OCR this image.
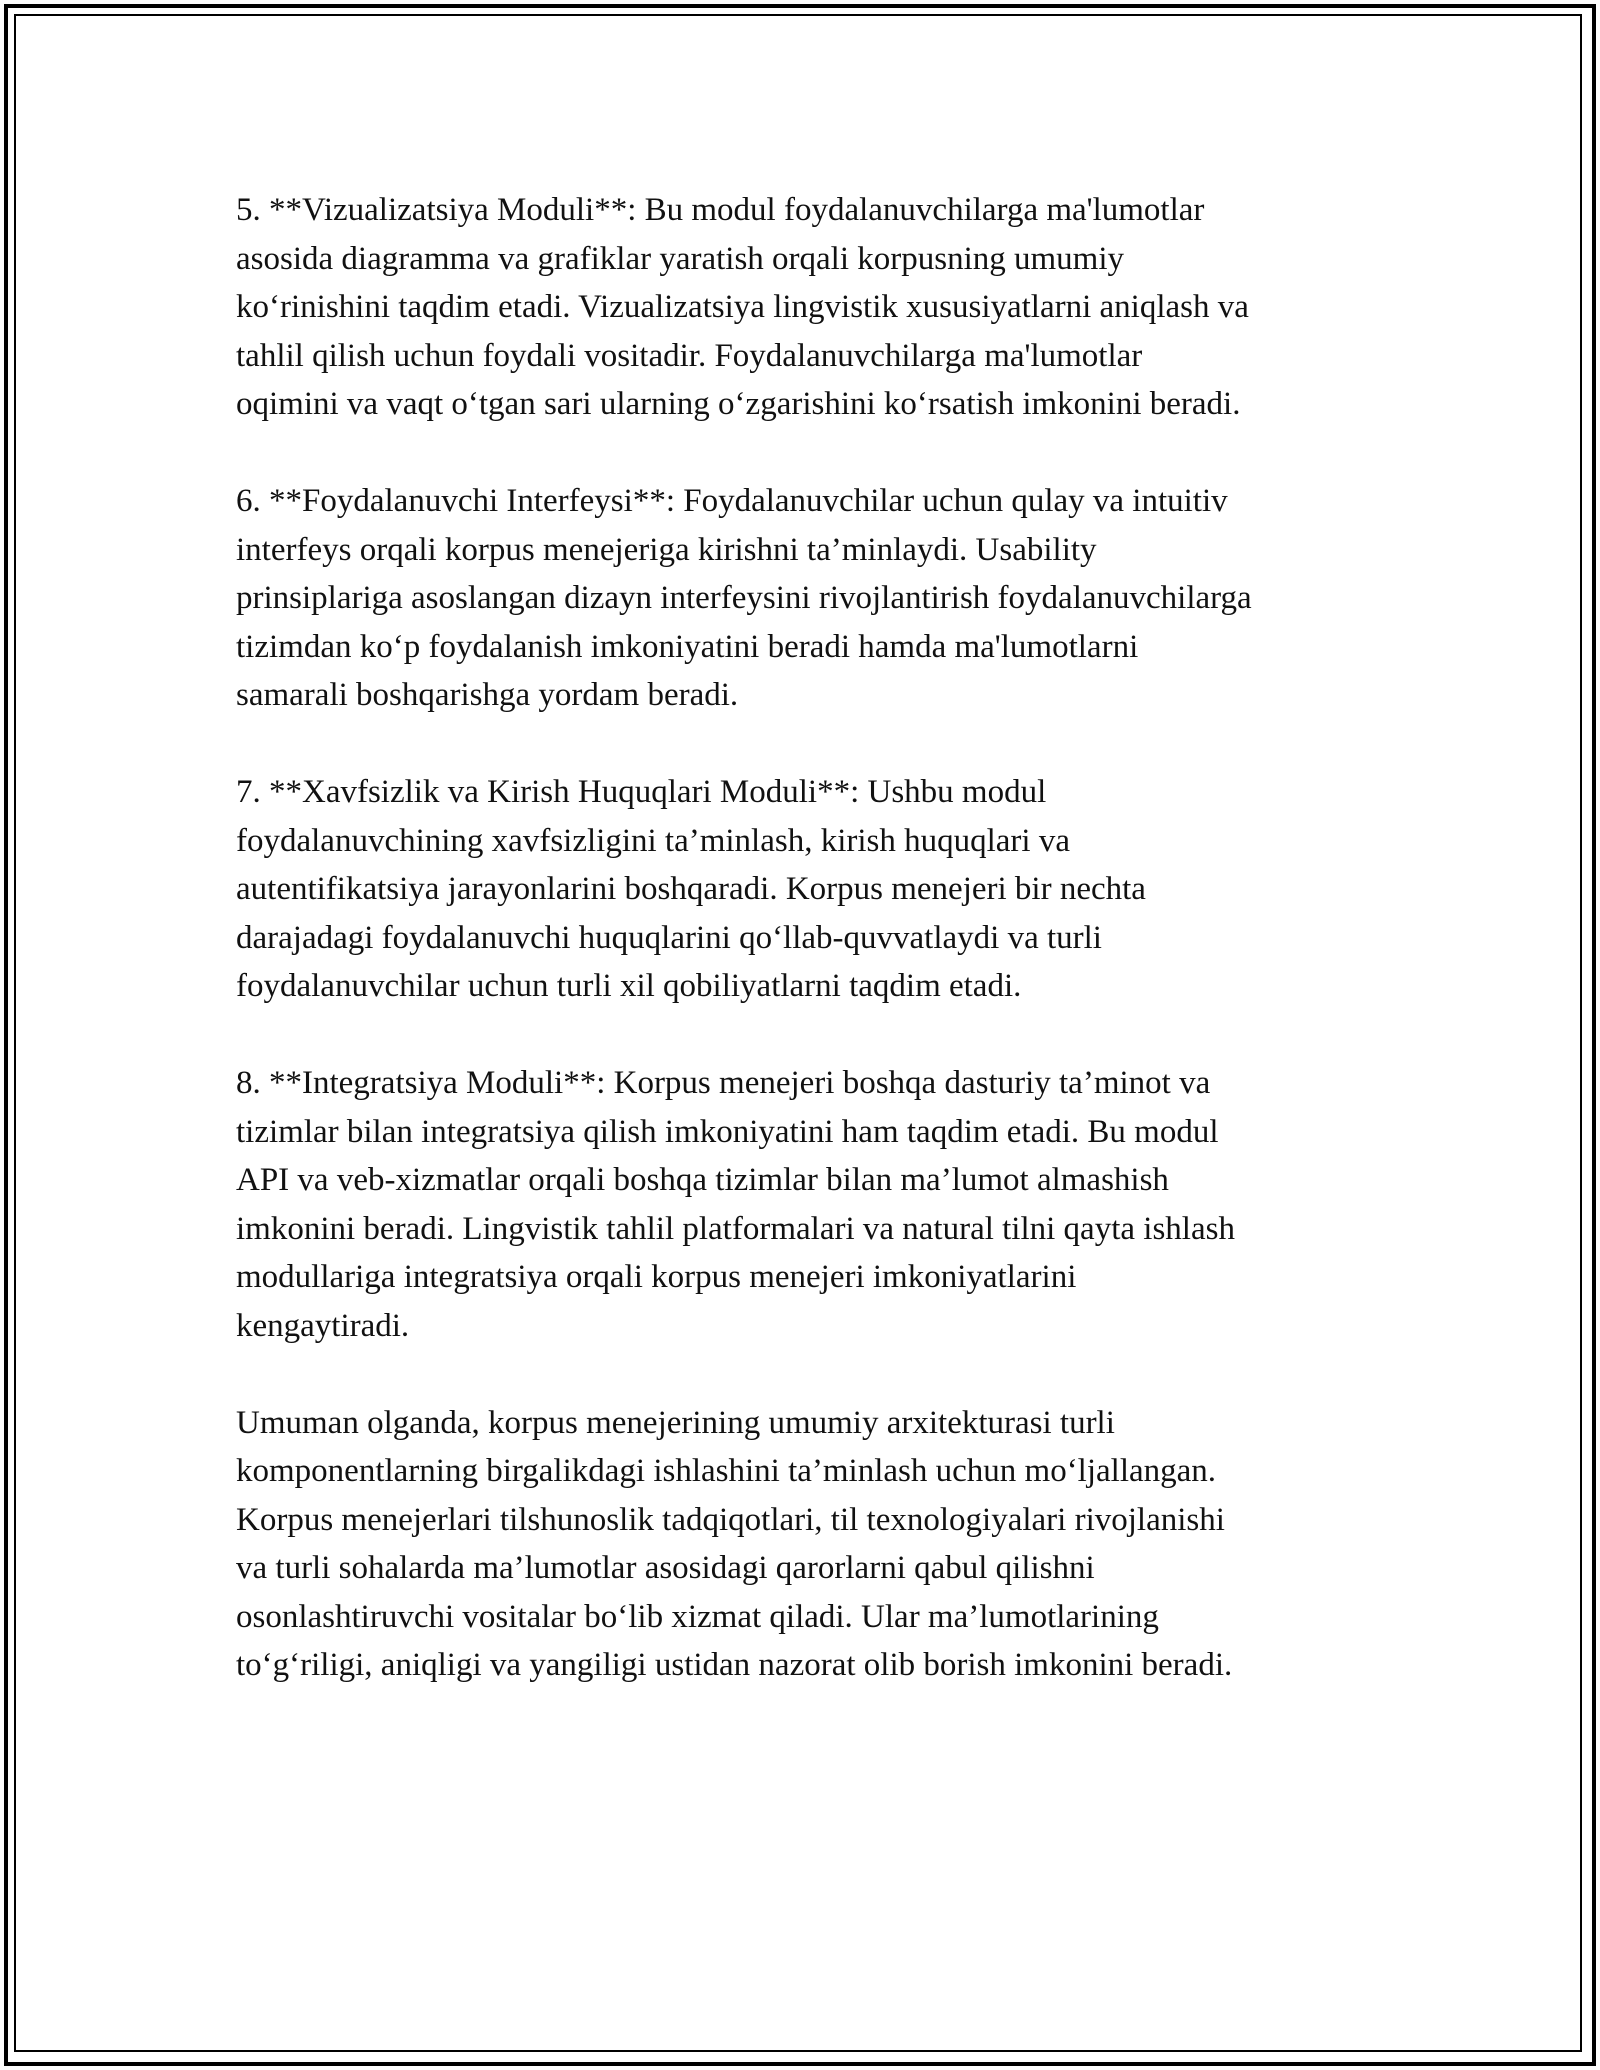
5. **Vizualizatsiya Moduli**: Bu modul foydalanuvchilarga ma'lumotlar
asosida diagramma va grafiklar yaratish orqali korpusning umumiy
ko‘rinishini taqdim etadi. Vizualizatsiya lingvistik xususiyatlarni aniqlash va
tahlil qilish uchun foydali vositadir. Foydalanuvchilarga ma'lumotlar
oqimini va vaqt o‘tgan sari ularning o‘zgarishini ko‘rsatish imkonini beradi.

6. **Foydalanuvchi Interfeysi**: Foydalanuvchilar uchun qulay va intuitiv
interfeys orqali korpus menejeriga kirishni ta’minlaydi. Usability
prinsiplariga asoslangan dizayn interfeysini rivojlantirish foydalanuvchilarga
tizimdan ko‘p foydalanish imkoniyatini beradi hamda ma'lumotlarni
samarali boshqarishga yordam beradi.

7. **Xavfsizlik va Kirish Huquqlari Moduli**: Ushbu modul
foydalanuvchining xavfsizligini ta’minlash, kirish huquqlari va
autentifikatsiya jarayonlarini boshqaradi. Korpus menejeri bir nechta
darajadagi foydalanuvchi huquqlarini qo‘llab-quvvatlaydi va turli
foydalanuvchilar uchun turli xil qobiliyatlarni taqdim etadi.

8. **Integratsiya Moduli**: Korpus menejeri boshqa dasturiy ta’minot va
tizimlar bilan integratsiya qilish imkoniyatini ham taqdim etadi. Bu modul
API va veb-xizmatlar orqali boshqa tizimlar bilan ma’lumot almashish
imkonini beradi. Lingvistik tahlil platformalari va natural tilni qayta ishlash
modullariga integratsiya orqali korpus menejeri imkoniyatlarini
kengaytiradi.

Umuman olganda, korpus menejerining umumiy arxitekturasi turli
komponentlarning birgalikdagi ishlashini ta’minlash uchun mo‘ljallangan.
Korpus menejerlari tilshunoslik tadqiqotlari, til texnologiyalari rivojlanishi
va turli sohalarda ma’lumotlar asosidagi qarorlarni qabul qilishni
osonlashtiruvchi vositalar bo‘lib xizmat qiladi. Ular ma’lumotlarining
to‘g‘riligi, aniqligi va yangiligi ustidan nazorat olib borish imkonini beradi.
